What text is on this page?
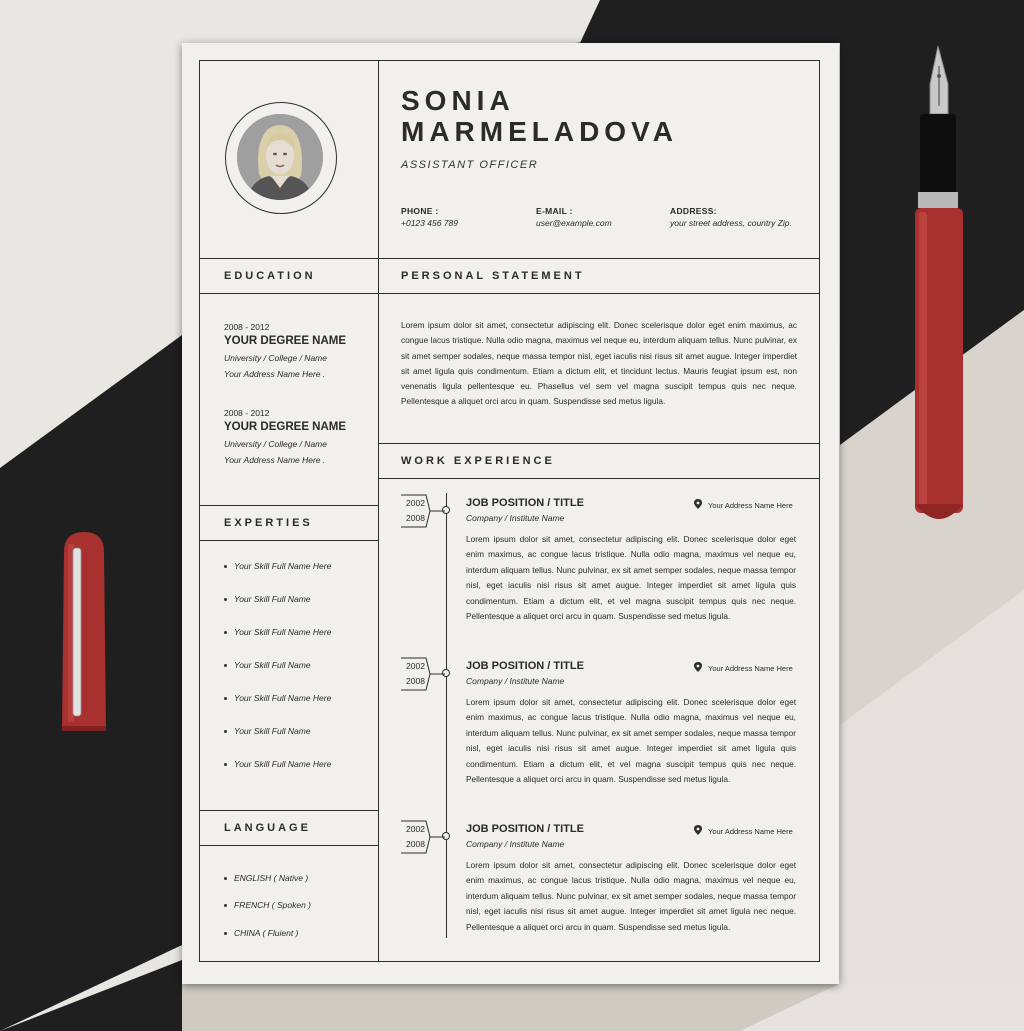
SONIA
MARMELADOVA
ASSISTANT OFFICER
PHONE :
+0123 456 789
E-MAIL :
user@example.com
ADDRESS:
your street address, country Zip.
EDUCATION	PERSONAL STATEMENT
EXPERTIES
WORK EXPERIENCE
LANGUAGE
2008 - 2012
YOUR DEGREE NAME
University / College / Name
Your Address Name Here .
2008 - 2012
YOUR DEGREE NAME
University / College / Name
Your Address Name Here .
Your Skill Full Name Here
Your Skill Full Name
Your Skill Full Name Here
Your Skill Full Name
Your Skill Full Name Here
Your Skill Full Name
Your Skill Full Name Here
ENGLISH ( Native )
FRENCH ( Spoken )
CHINA ( Fluient )
Lorem ipsum dolor sit amet, consectetur adipiscing elit. Donec scelerisque dolor eget enim maximus, ac congue lacus tristique. Nulla odio magna, maximus vel neque eu, interdum aliquam tellus. Nunc pulvinar, ex sit amet semper sodales, neque massa tempor nisl, eget iaculis nisi risus sit amet augue. Integer imperdiet sit amet ligula quis condimentum. Etiam a dictum elit, et tincidunt lectus. Mauris feugiat ipsum est, non venenatis ligula pellentesque eu. Phasellus vel sem vel magna suscipit tempus quis nec neque. Pellentesque a aliquet orci arcu in quam. Suspendisse sed metus ligula.
2002
2008
JOB POSITION / TITLE
Company / Institute Name
Your Address Name Here
Lorem ipsum dolor sit amet, consectetur adipiscing elit. Donec scelerisque dolor eget enim maximus, ac congue lacus tristique. Nulla odio magna, maximus vel neque eu, interdum aliquam tellus. Nunc pulvinar, ex sit amet semper sodales, neque massa tempor nisl, eget iaculis nisi risus sit amet augue. Integer imperdiet sit amet ligula quis condimentum. Etiam a dictum elit, et vel magna suscipit tempus quis nec neque. Pellentesque a aliquet orci arcu in quam. Suspendisse sed metus ligula.
2002
2008
JOB POSITION / TITLE
Company / Institute Name
Your Address Name Here
Lorem ipsum dolor sit amet, consectetur adipiscing elit. Donec scelerisque dolor eget enim maximus, ac congue lacus tristique. Nulla odio magna, maximus vel neque eu, interdum aliquam tellus. Nunc pulvinar, ex sit amet semper sodales, neque massa tempor nisl, eget iaculis nisi risus sit amet augue. Integer imperdiet sit amet ligula quis condimentum. Etiam a dictum elit, et vel magna suscipit tempus quis nec neque. Pellentesque a aliquet orci arcu in quam. Suspendisse sed metus ligula.
2002
2008
JOB POSITION / TITLE
Company / Institute Name
Your Address Name Here
Lorem ipsum dolor sit amet, consectetur adipiscing elit. Donec scelerisque dolor eget enim maximus, ac congue lacus tristique. Nulla odio magna, maximus vel neque eu, interdum aliquam tellus. Nunc pulvinar, ex sit amet semper sodales, neque massa tempor nisl, eget iaculis nisi risus sit amet augue. Integer imperdiet sit amet ligula nec neque. Pellentesque a aliquet orci arcu in quam. Suspendisse sed metus ligula.
